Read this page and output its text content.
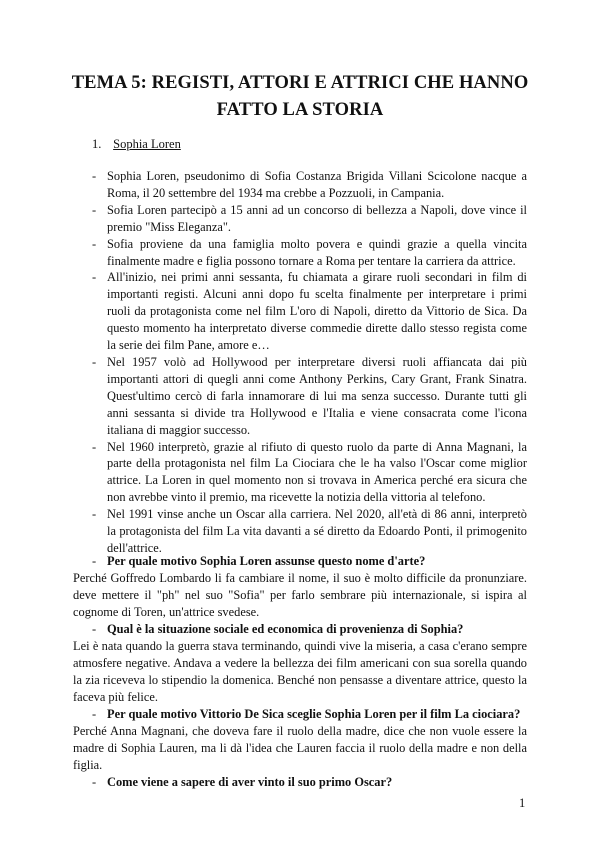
TEMA 5: REGISTI, ATTORI E ATTRICI CHE HANNO FATTO LA STORIA
1. Sophia Loren
- Sophia Loren, pseudonimo di Sofia Costanza Brigida Villani Scicolone nacque a Roma, il 20 settembre del 1934 ma crebbe a Pozzuoli, in Campania.
- Sofia Loren partecipò a 15 anni ad un concorso di bellezza a Napoli, dove vince il premio "Miss Eleganza".
- Sofia proviene da una famiglia molto povera e quindi grazie a quella vincita finalmente madre e figlia possono tornare a Roma per tentare la carriera da attrice.
- All'inizio, nei primi anni sessanta, fu chiamata a girare ruoli secondari in film di importanti registi. Alcuni anni dopo fu scelta finalmente per interpretare i primi ruoli da protagonista come nel film L'oro di Napoli, diretto da Vittorio de Sica. Da questo momento ha interpretato diverse commedie dirette dallo stesso regista come la serie dei film Pane, amore e…
- Nel 1957 volò ad Hollywood per interpretare diversi ruoli affiancata dai più importanti attori di quegli anni come Anthony Perkins, Cary Grant, Frank Sinatra. Quest'ultimo cercò di farla innamorare di lui ma senza successo. Durante tutti gli anni sessanta si divide tra Hollywood e l'Italia e viene consacrata come l'icona italiana di maggior successo.
- Nel 1960 interpretò, grazie al rifiuto di questo ruolo da parte di Anna Magnani, la parte della protagonista nel film La Ciociara che le ha valso l'Oscar come miglior attrice. La Loren in quel momento non si trovava in America perché era sicura che non avrebbe vinto il premio, ma ricevette la notizia della vittoria al telefono.
- Nel 1991 vinse anche un Oscar alla carriera. Nel 2020, all'età di 86 anni, interpretò la protagonista del film La vita davanti a sé diretto da Edoardo Ponti, il primogenito dell'attrice.
- Per quale motivo Sophia Loren assunse questo nome d'arte?

Perché Goffredo Lombardo li fa cambiare il nome, il suo è molto difficile da pronunziare. deve mettere il "ph" nel suo "Sofia" per farlo sembrare più internazionale, si ispira al cognome di Toren, un'attrice svedese.

- Qual è la situazione sociale ed economica di provenienza di Sophia?

Lei è nata quando la guerra stava terminando, quindi vive la miseria, a casa c'erano sempre atmosfere negative. Andava a vedere la bellezza dei film americani con sua sorella quando la zia riceveva lo stipendio la domenica. Benché non pensasse a diventare attrice, questo la faceva più felice.

- Per quale motivo Vittorio De Sica sceglie Sophia Loren per il film La ciociara?

Perché Anna Magnani, che doveva fare il ruolo della madre, dice che non vuole essere la madre di Sophia Lauren, ma li dà l'idea che Lauren faccia il ruolo della madre e non della figlia.

- Come viene a sapere di aver vinto il suo primo Oscar?
1
